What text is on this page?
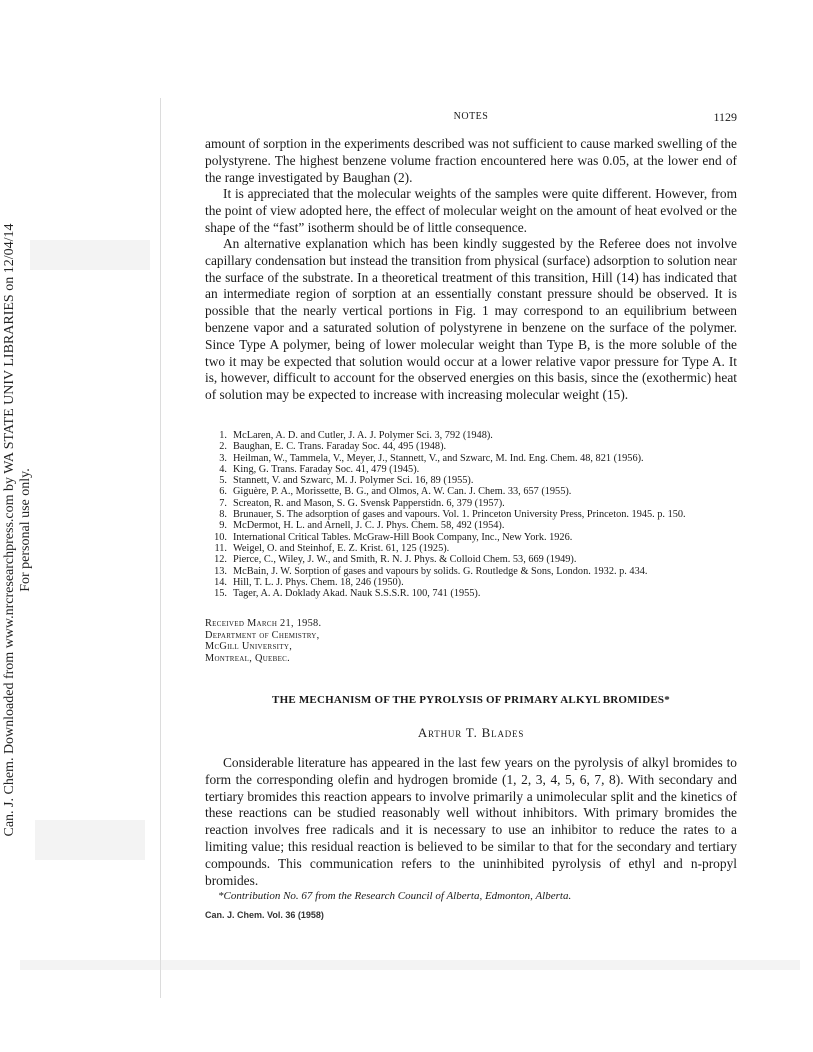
Can. J. Chem. Downloaded from www.nrcresearchpress.com by WA STATE UNIV LIBRARIES on 12/04/14 For personal use only.
NOTES	1129

amount of sorption in the experiments described was not sufficient to cause marked swelling of the polystyrene. The highest benzene volume fraction encountered here was 0.05, at the lower end of the range investigated by Baughan (2).

It is appreciated that the molecular weights of the samples were quite different. However, from the point of view adopted here, the effect of molecular weight on the amount of heat evolved or the shape of the “fast” isotherm should be of little consequence.

An alternative explanation which has been kindly suggested by the Referee does not involve capillary condensation but instead the transition from physical (surface) adsorption to solution near the surface of the substrate. In a theoretical treatment of this transition, Hill (14) has indicated that an intermediate region of sorption at an essentially constant pressure should be observed. It is possible that the nearly vertical portions in Fig. 1 may correspond to an equilibrium between benzene vapor and a saturated solution of polystyrene in benzene on the surface of the polymer. Since Type A polymer, being of lower molecular weight than Type B, is the more soluble of the two it may be expected that solution would occur at a lower relative vapor pressure for Type A. It is, however, difficult to account for the observed energies on this basis, since the (exothermic) heat of solution may be expected to increase with increasing molecular weight (15).

1. McLaren, A. D. and Cutler, J. A. J. Polymer Sci. 3, 792 (1948).
2. Baughan, E. C. Trans. Faraday Soc. 44, 495 (1948).
3. Heilman, W., Tammela, V., Meyer, J., Stannett, V., and Szwarc, M. Ind. Eng. Chem. 48, 821 (1956).
4. King, G. Trans. Faraday Soc. 41, 479 (1945).
5. Stannett, V. and Szwarc, M. J. Polymer Sci. 16, 89 (1955).
6. Giguère, P. A., Morissette, B. G., and Olmos, A. W. Can. J. Chem. 33, 657 (1955).
7. Screaton, R. and Mason, S. G. Svensk Papperstidn. 6, 379 (1957).
8. Brunauer, S. The adsorption of gases and vapours. Vol. 1. Princeton University Press, Princeton. 1945. p. 150.
9. McDermot, H. L. and Arnell, J. C. J. Phys. Chem. 58, 492 (1954).
10. International Critical Tables. McGraw-Hill Book Company, Inc., New York. 1926.
11. Weigel, O. and Steinhof, E. Z. Krist. 61, 125 (1925).
12. Pierce, C., Wiley, J. W., and Smith, R. N. J. Phys. & Colloid Chem. 53, 669 (1949).
13. McBain, J. W. Sorption of gases and vapours by solids. G. Routledge & Sons, London. 1932. p. 434.
14. Hill, T. L. J. Phys. Chem. 18, 246 (1950).
15. Tager, A. A. Doklady Akad. Nauk S.S.S.R. 100, 741 (1955).
Received March 21, 1958.
Department of Chemistry,
McGill University,
Montreal, Quebec.
THE MECHANISM OF THE PYROLYSIS OF PRIMARY ALKYL BROMIDES*
Arthur T. Blades

Considerable literature has appeared in the last few years on the pyrolysis of alkyl bromides to form the corresponding olefin and hydrogen bromide (1, 2, 3, 4, 5, 6, 7, 8). With secondary and tertiary bromides this reaction appears to involve primarily a unimolecular split and the kinetics of these reactions can be studied reasonably well without inhibitors. With primary bromides the reaction involves free radicals and it is necessary to use an inhibitor to reduce the rates to a limiting value; this residual reaction is believed to be similar to that for the secondary and tertiary compounds. This communication refers to the uninhibited pyrolysis of ethyl and n-propyl bromides.

*Contribution No. 67 from the Research Council of Alberta, Edmonton, Alberta.
Can. J. Chem. Vol. 36 (1958)
